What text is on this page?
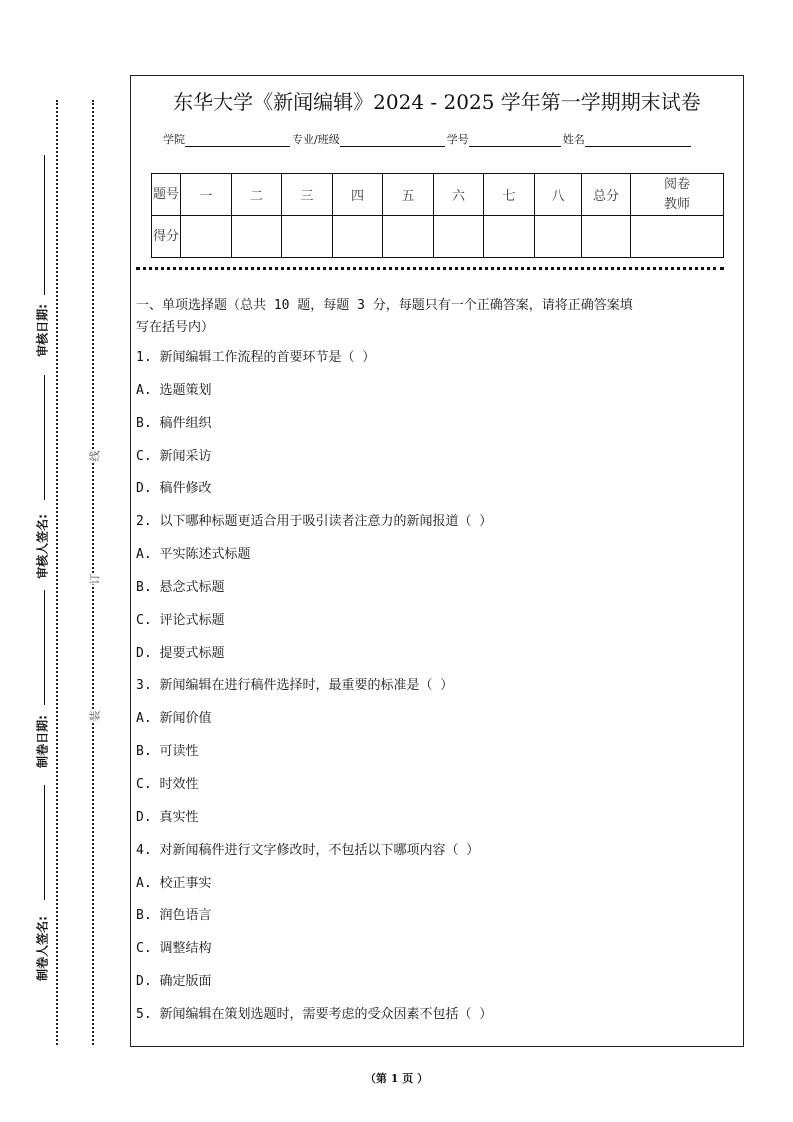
审核日期:
审核人签名:
制卷日期:
制卷人签名:
线
订
装
东华大学《新闻编辑》2024 - 2025 学年第一学期期末试卷
学院	专业/班级	学号	姓名
题号	一	二	三	四	五	六	七	八	总分	阅卷教师
得分										
一、单项选择题（总共 10 题，每题 3 分，每题只有一个正确答案，请将正确答案填
写在括号内）
1. 新闻编辑工作流程的首要环节是（ ）
A. 选题策划
B. 稿件组织
C. 新闻采访
D. 稿件修改
2. 以下哪种标题更适合用于吸引读者注意力的新闻报道（ ）
A. 平实陈述式标题
B. 悬念式标题
C. 评论式标题
D. 提要式标题
3. 新闻编辑在进行稿件选择时，最重要的标准是（ ）
A. 新闻价值
B. 可读性
C. 时效性
D. 真实性
4. 对新闻稿件进行文字修改时，不包括以下哪项内容（ ）
A. 校正事实
B. 润色语言
C. 调整结构
D. 确定版面
5. 新闻编辑在策划选题时，需要考虑的受众因素不包括（ ）
（第 1 页 ）
